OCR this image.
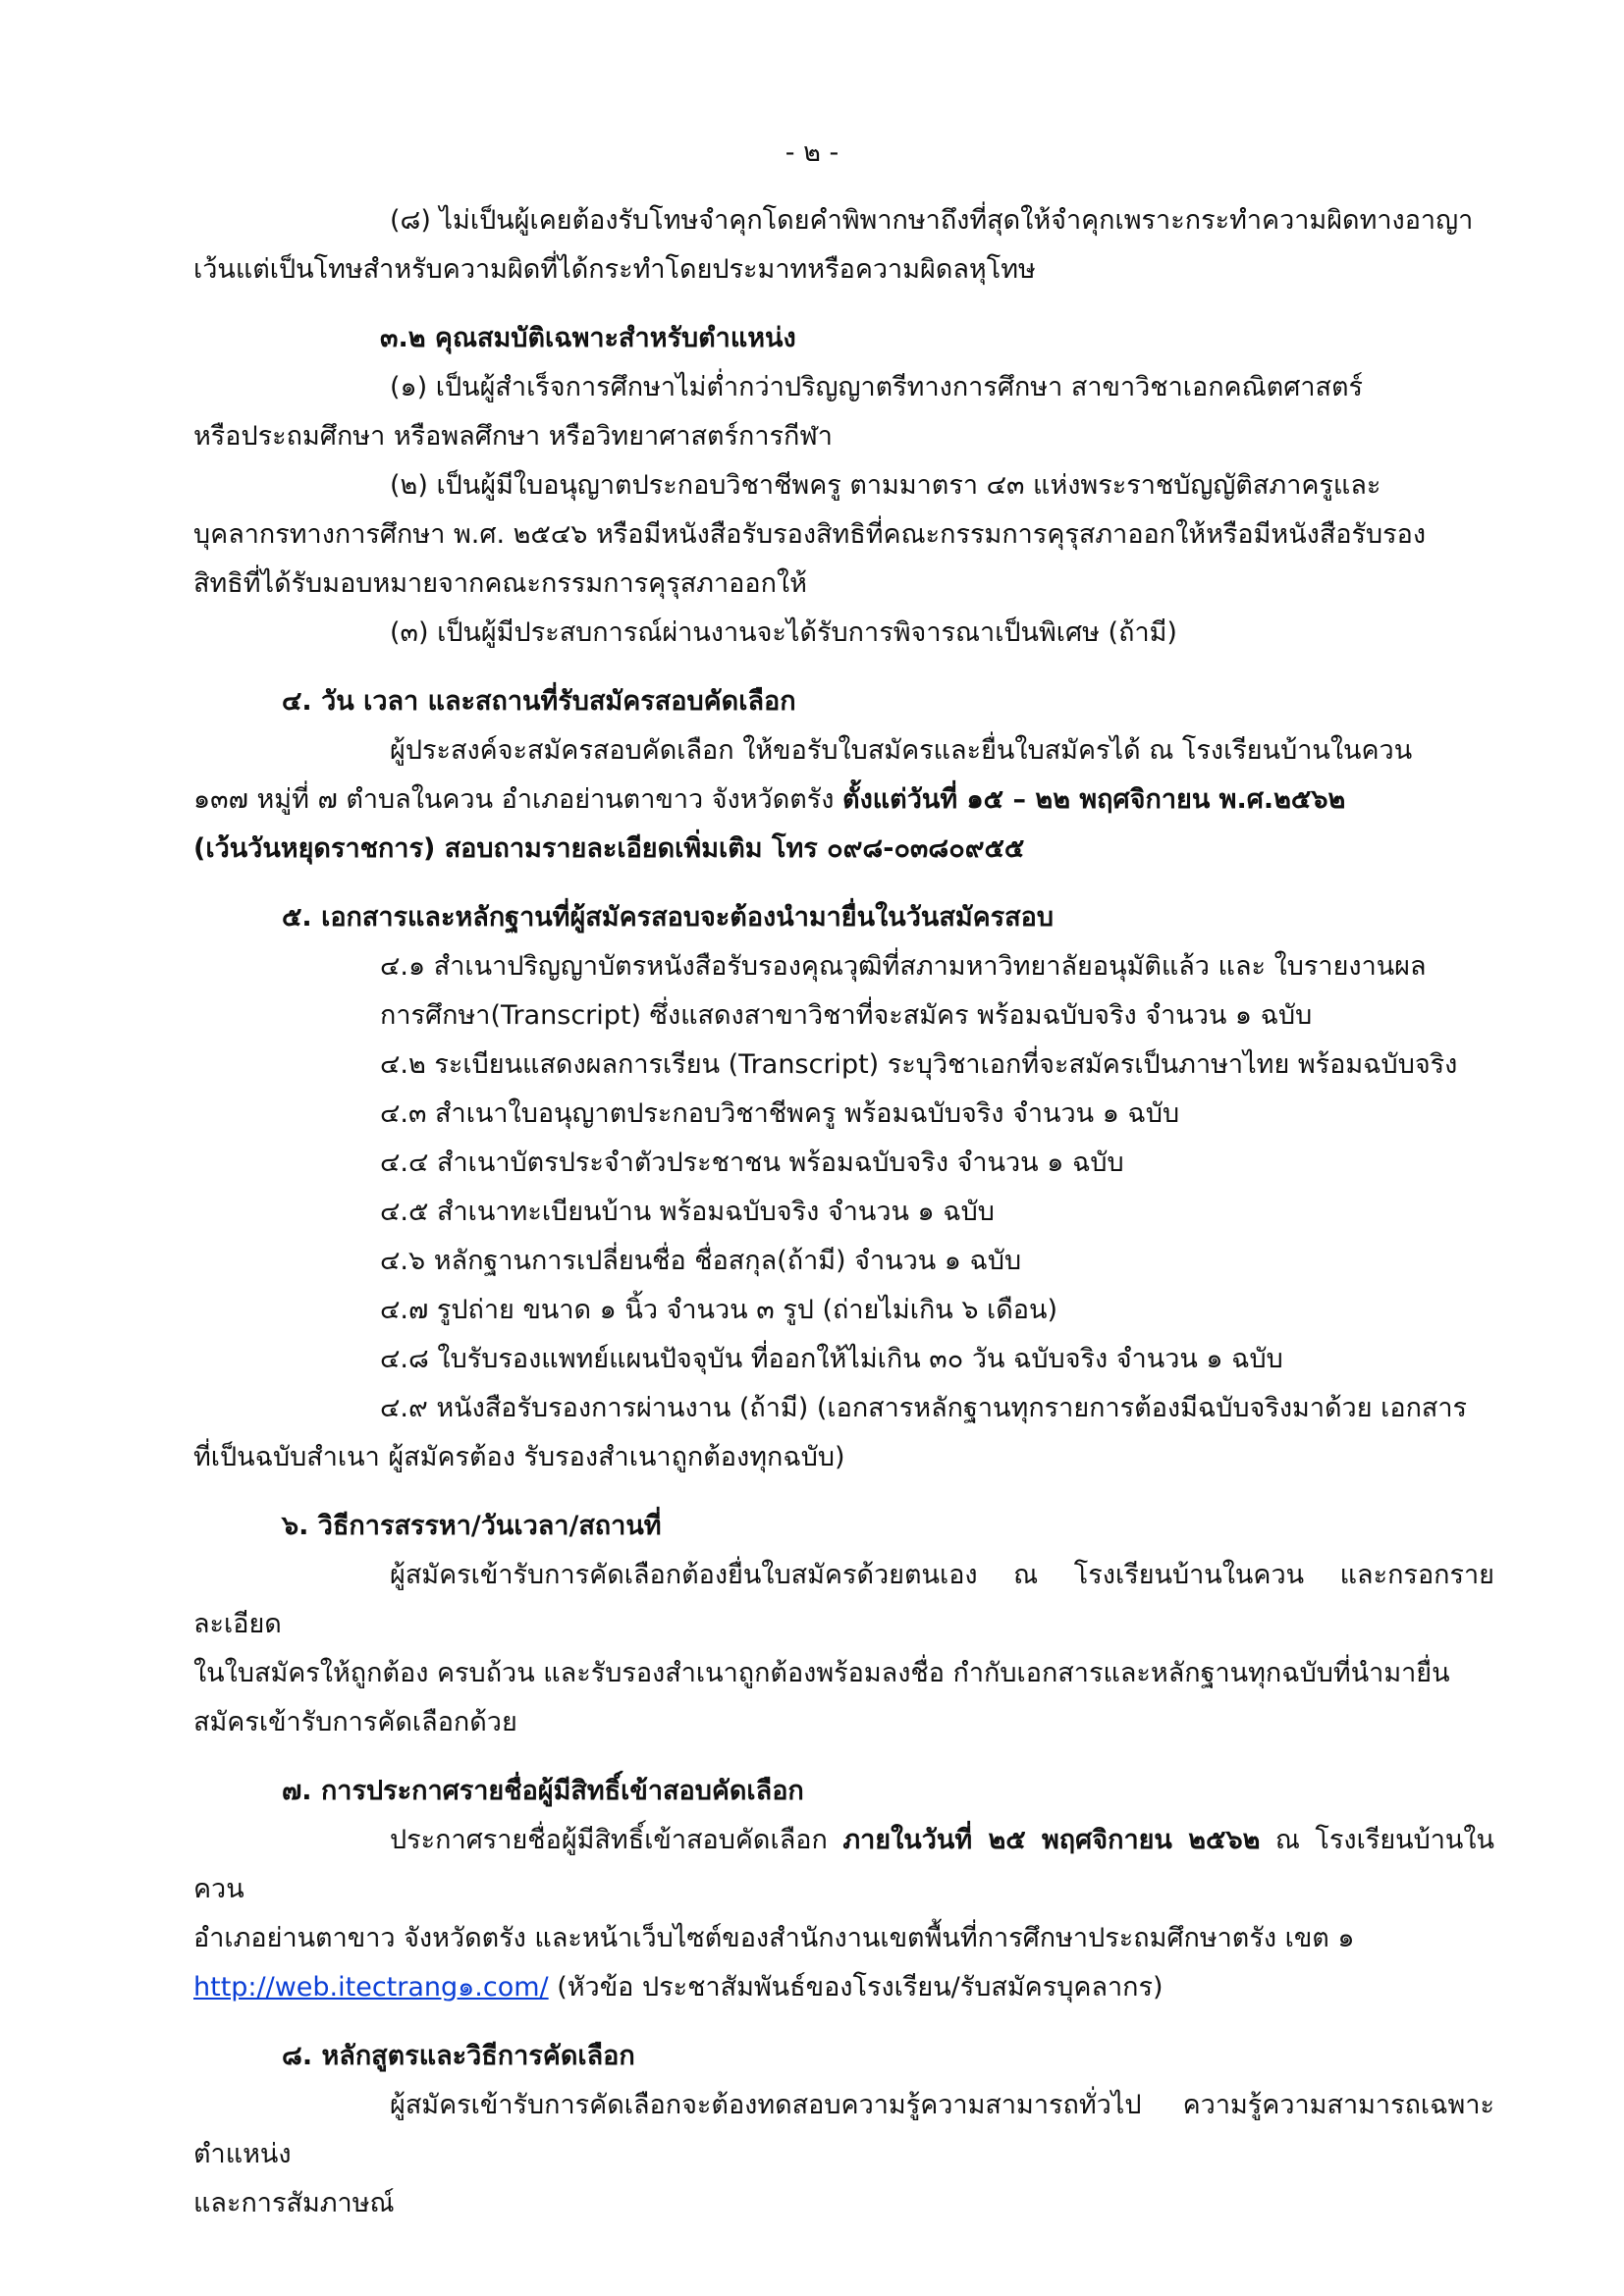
- ๒ -

(๘) ไม่เป็นผู้เคยต้องรับโทษจำคุกโดยคำพิพากษาถึงที่สุดให้จำคุกเพราะกระทำความผิดทางอาญา

เว้นแต่เป็นโทษสำหรับความผิดที่ได้กระทำโดยประมาทหรือความผิดลหุโทษ

๓.๒ คุณสมบัติเฉพาะสำหรับตำแหน่ง

(๑) เป็นผู้สำเร็จการศึกษาไม่ต่ำกว่าปริญญาตรีทางการศึกษา สาขาวิชาเอกคณิตศาสตร์

หรือประถมศึกษา หรือพลศึกษา หรือวิทยาศาสตร์การกีฬา

(๒) เป็นผู้มีใบอนุญาตประกอบวิชาชีพครู ตามมาตรา ๔๓ แห่งพระราชบัญญัติสภาครูและ

บุคลากรทางการศึกษา พ.ศ. ๒๕๔๖ หรือมีหนังสือรับรองสิทธิที่คณะกรรมการคุรุสภาออกให้หรือมีหนังสือรับรอง

สิทธิที่ได้รับมอบหมายจากคณะกรรมการคุรุสภาออกให้

(๓) เป็นผู้มีประสบการณ์ผ่านงานจะได้รับการพิจารณาเป็นพิเศษ (ถ้ามี)

๔. วัน เวลา และสถานที่รับสมัครสอบคัดเลือก

ผู้ประสงค์จะสมัครสอบคัดเลือก ให้ขอรับใบสมัครและยื่นใบสมัครได้ ณ โรงเรียนบ้านในควน

๑๓๗ หมู่ที่ ๗ ตำบลในควน อำเภอย่านตาขาว จังหวัดตรัง ตั้งแต่วันที่ ๑๕ – ๒๒ พฤศจิกายน พ.ศ.๒๕๖๒

(เว้นวันหยุดราชการ) สอบถามรายละเอียดเพิ่มเติม โทร ๐๙๘-๐๓๘๐๙๕๕

๕. เอกสารและหลักฐานที่ผู้สมัครสอบจะต้องนำมายื่นในวันสมัครสอบ

๔.๑ สำเนาปริญญาบัตรหนังสือรับรองคุณวุฒิที่สภามหาวิทยาลัยอนุมัติแล้ว และ ใบรายงานผล

การศึกษา(Transcript) ซึ่งแสดงสาขาวิชาที่จะสมัคร พร้อมฉบับจริง จำนวน ๑ ฉบับ

๔.๒ ระเบียนแสดงผลการเรียน (Transcript) ระบุวิชาเอกที่จะสมัครเป็นภาษาไทย พร้อมฉบับจริง

๔.๓ สำเนาใบอนุญาตประกอบวิชาชีพครู พร้อมฉบับจริง จำนวน ๑ ฉบับ

๔.๔ สำเนาบัตรประจำตัวประชาชน พร้อมฉบับจริง จำนวน ๑ ฉบับ

๔.๕ สำเนาทะเบียนบ้าน พร้อมฉบับจริง จำนวน ๑ ฉบับ

๔.๖ หลักฐานการเปลี่ยนชื่อ ชื่อสกุล(ถ้ามี) จำนวน ๑ ฉบับ

๔.๗ รูปถ่าย ขนาด ๑ นิ้ว จำนวน ๓ รูป (ถ่ายไม่เกิน ๖ เดือน)

๔.๘ ใบรับรองแพทย์แผนปัจจุบัน ที่ออกให้ไม่เกิน ๓๐ วัน ฉบับจริง จำนวน ๑ ฉบับ

๔.๙ หนังสือรับรองการผ่านงาน (ถ้ามี) (เอกสารหลักฐานทุกรายการต้องมีฉบับจริงมาด้วย เอกสาร

ที่เป็นฉบับสำเนา ผู้สมัครต้อง รับรองสำเนาถูกต้องทุกฉบับ)

๖. วิธีการสรรหา/วันเวลา/สถานที่

ผู้สมัครเข้ารับการคัดเลือกต้องยื่นใบสมัครด้วยตนเอง ณ โรงเรียนบ้านในควน และกรอกรายละเอียด

ในใบสมัครให้ถูกต้อง ครบถ้วน และรับรองสำเนาถูกต้องพร้อมลงชื่อ กำกับเอกสารและหลักฐานทุกฉบับที่นำมายื่น

สมัครเข้ารับการคัดเลือกด้วย

๗. การประกาศรายชื่อผู้มีสิทธิ์เข้าสอบคัดเลือก

ประกาศรายชื่อผู้มีสิทธิ์เข้าสอบคัดเลือก ภายในวันที่ ๒๕ พฤศจิกายน ๒๕๖๒ ณ โรงเรียนบ้านในควน

อำเภอย่านตาขาว จังหวัดตรัง และหน้าเว็บไซต์ของสำนักงานเขตพื้นที่การศึกษาประถมศึกษาตรัง เขต ๑

http://web.itectrang๑.com/ (หัวข้อ ประชาสัมพันธ์ของโรงเรียน/รับสมัครบุคลากร)

๘. หลักสูตรและวิธีการคัดเลือก

ผู้สมัครเข้ารับการคัดเลือกจะต้องทดสอบความรู้ความสามารถทั่วไป ความรู้ความสามารถเฉพาะตำแหน่ง

และการสัมภาษณ์
